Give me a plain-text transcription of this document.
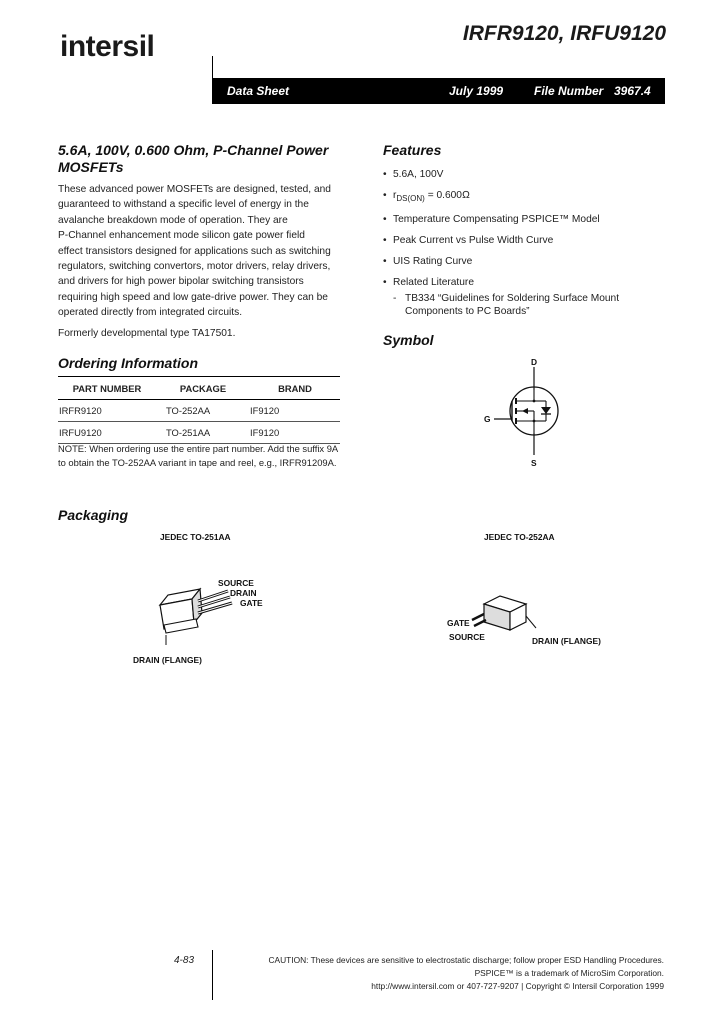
intersil	IRFR9120, IRFU9120
Data Sheet	July 1999	File Number 3967.4
5.6A, 100V, 0.600 Ohm, P-Channel Power
MOSFETs
These advanced power MOSFETs are designed, tested, and
guaranteed to withstand a specific level of energy in the
avalanche breakdown mode of operation. They are
P-Channel enhancement mode silicon gate power field
effect transistors designed for applications such as switching
regulators, switching convertors, motor drivers, relay drivers,
and drivers for high power bipolar switching transistors
requiring high speed and low gate-drive power. They can be
operated directly from integrated circuits.
Formerly developmental type TA17501.
Ordering Information
PART NUMBER	PACKAGE	BRAND
IRFR9120	TO-252AA	IF9120
IRFU9120	TO-251AA	IF9120
NOTE: When ordering use the entire part number. Add the suffix 9A
to obtain the TO-252AA variant in tape and reel, e.g., IRFR91209A.
Features
• 5.6A, 100V
• $r_{DS(ON)}$ = 0.600Ω
• Temperature Compensating PSPICE™ Model
• Peak Current vs Pulse Width Curve
• UIS Rating Curve
• Related Literature
- TB334 “Guidelines for Soldering Surface Mount
Components to PC Boards”
Symbol
D
G
S
Packaging
JEDEC TO-251AA	JEDEC TO-252AA
SOURCE
DRAIN
GATE
DRAIN (FLANGE)
GATE
SOURCE	DRAIN (FLANGE)
4-83	CAUTION: These devices are sensitive to electrostatic discharge; follow proper ESD Handling Procedures.
PSPICE™ is a trademark of MicroSim Corporation.
http://www.intersil.com or 407-727-9207 | Copyright © Intersil Corporation 1999
